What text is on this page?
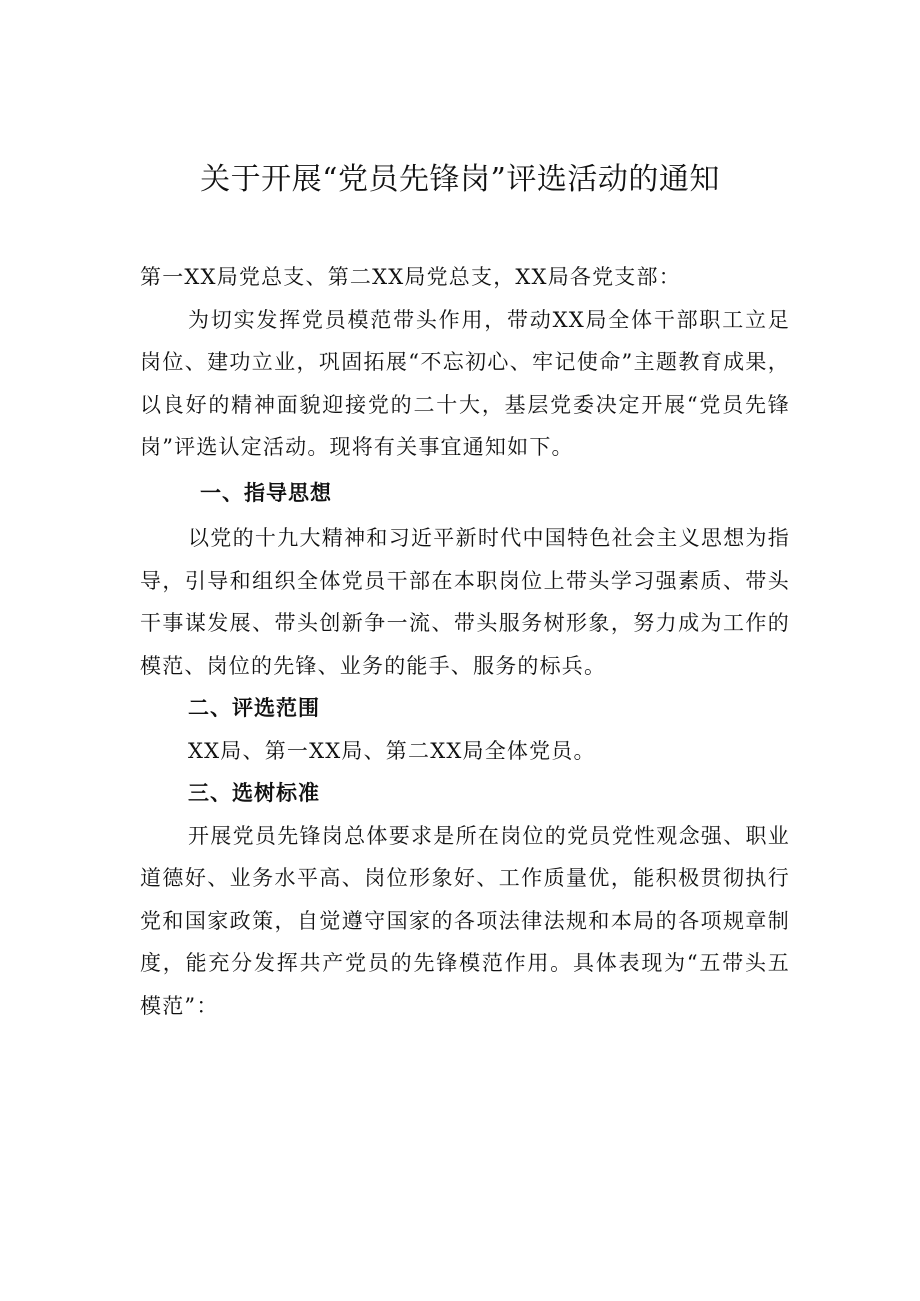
关于开展“党员先锋岗”评选活动的通知

第一XX局党总支、第二XX局党总支，XX局各党支部：

为切实发挥党员模范带头作用，带动XX局全体干部职工立足岗位、建功立业，巩固拓展“不忘初心、牢记使命”主题教育成果，以良好的精神面貌迎接党的二十大，基层党委决定开展“党员先锋岗”评选认定活动。现将有关事宜通知如下。

一、指导思想

以党的十九大精神和习近平新时代中国特色社会主义思想为指导，引导和组织全体党员干部在本职岗位上带头学习强素质、带头干事谋发展、带头创新争一流、带头服务树形象，努力成为工作的模范、岗位的先锋、业务的能手、服务的标兵。

二、评选范围

XX局、第一XX局、第二XX局全体党员。

三、选树标准

开展党员先锋岗总体要求是所在岗位的党员党性观念强、职业道德好、业务水平高、岗位形象好、工作质量优，能积极贯彻执行党和国家政策，自觉遵守国家的各项法律法规和本局的各项规章制度，能充分发挥共产党员的先锋模范作用。具体表现为“五带头五模范”：
